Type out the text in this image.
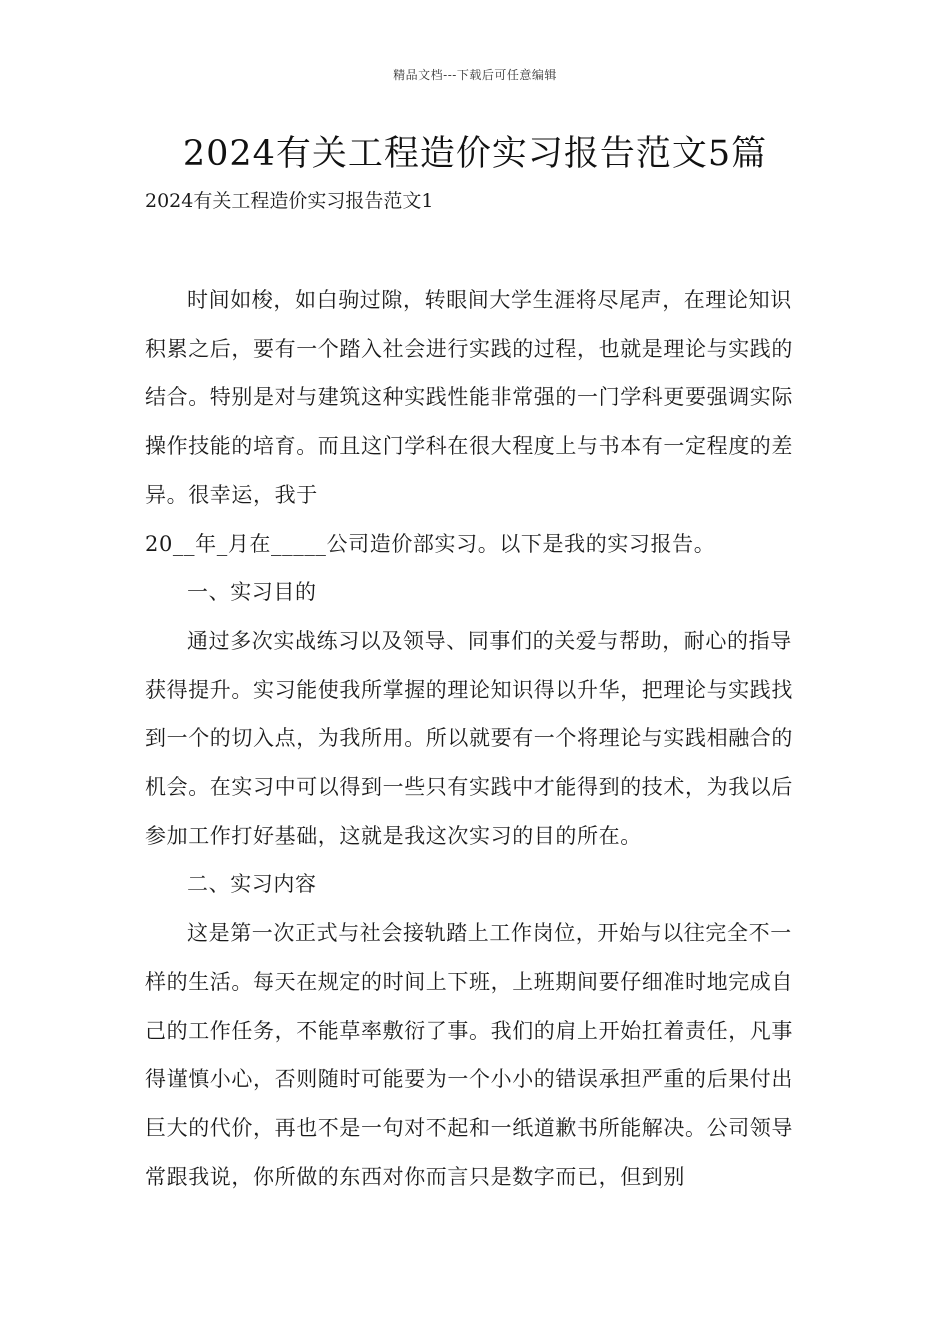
精品文档---下载后可任意编辑
2024有关工程造价实习报告范文5篇
2024有关工程造价实习报告范文1

时间如梭，如白驹过隙，转眼间大学生涯将尽尾声，在理论知识积累之后，要有一个踏入社会进行实践的过程，也就是理论与实践的结合。特别是对与建筑这种实践性能非常强的一门学科更要强调实际操作技能的培育。而且这门学科在很大程度上与书本有一定程度的差异。很幸运，我于

20__年_月在_____公司造价部实习。以下是我的实习报告。

一、实习目的

通过多次实战练习以及领导、同事们的关爱与帮助，耐心的指导获得提升。实习能使我所掌握的理论知识得以升华，把理论与实践找到一个的切入点，为我所用。所以就要有一个将理论与实践相融合的机会。在实习中可以得到一些只有实践中才能得到的技术，为我以后参加工作打好基础，这就是我这次实习的目的所在。

二、实习内容

这是第一次正式与社会接轨踏上工作岗位，开始与以往完全不一样的生活。每天在规定的时间上下班，上班期间要仔细准时地完成自己的工作任务，不能草率敷衍了事。我们的肩上开始扛着责任，凡事得谨慎小心，否则随时可能要为一个小小的错误承担严重的后果付出巨大的代价，再也不是一句对不起和一纸道歉书所能解决。公司领导常跟我说，你所做的东西对你而言只是数字而已，但到别
